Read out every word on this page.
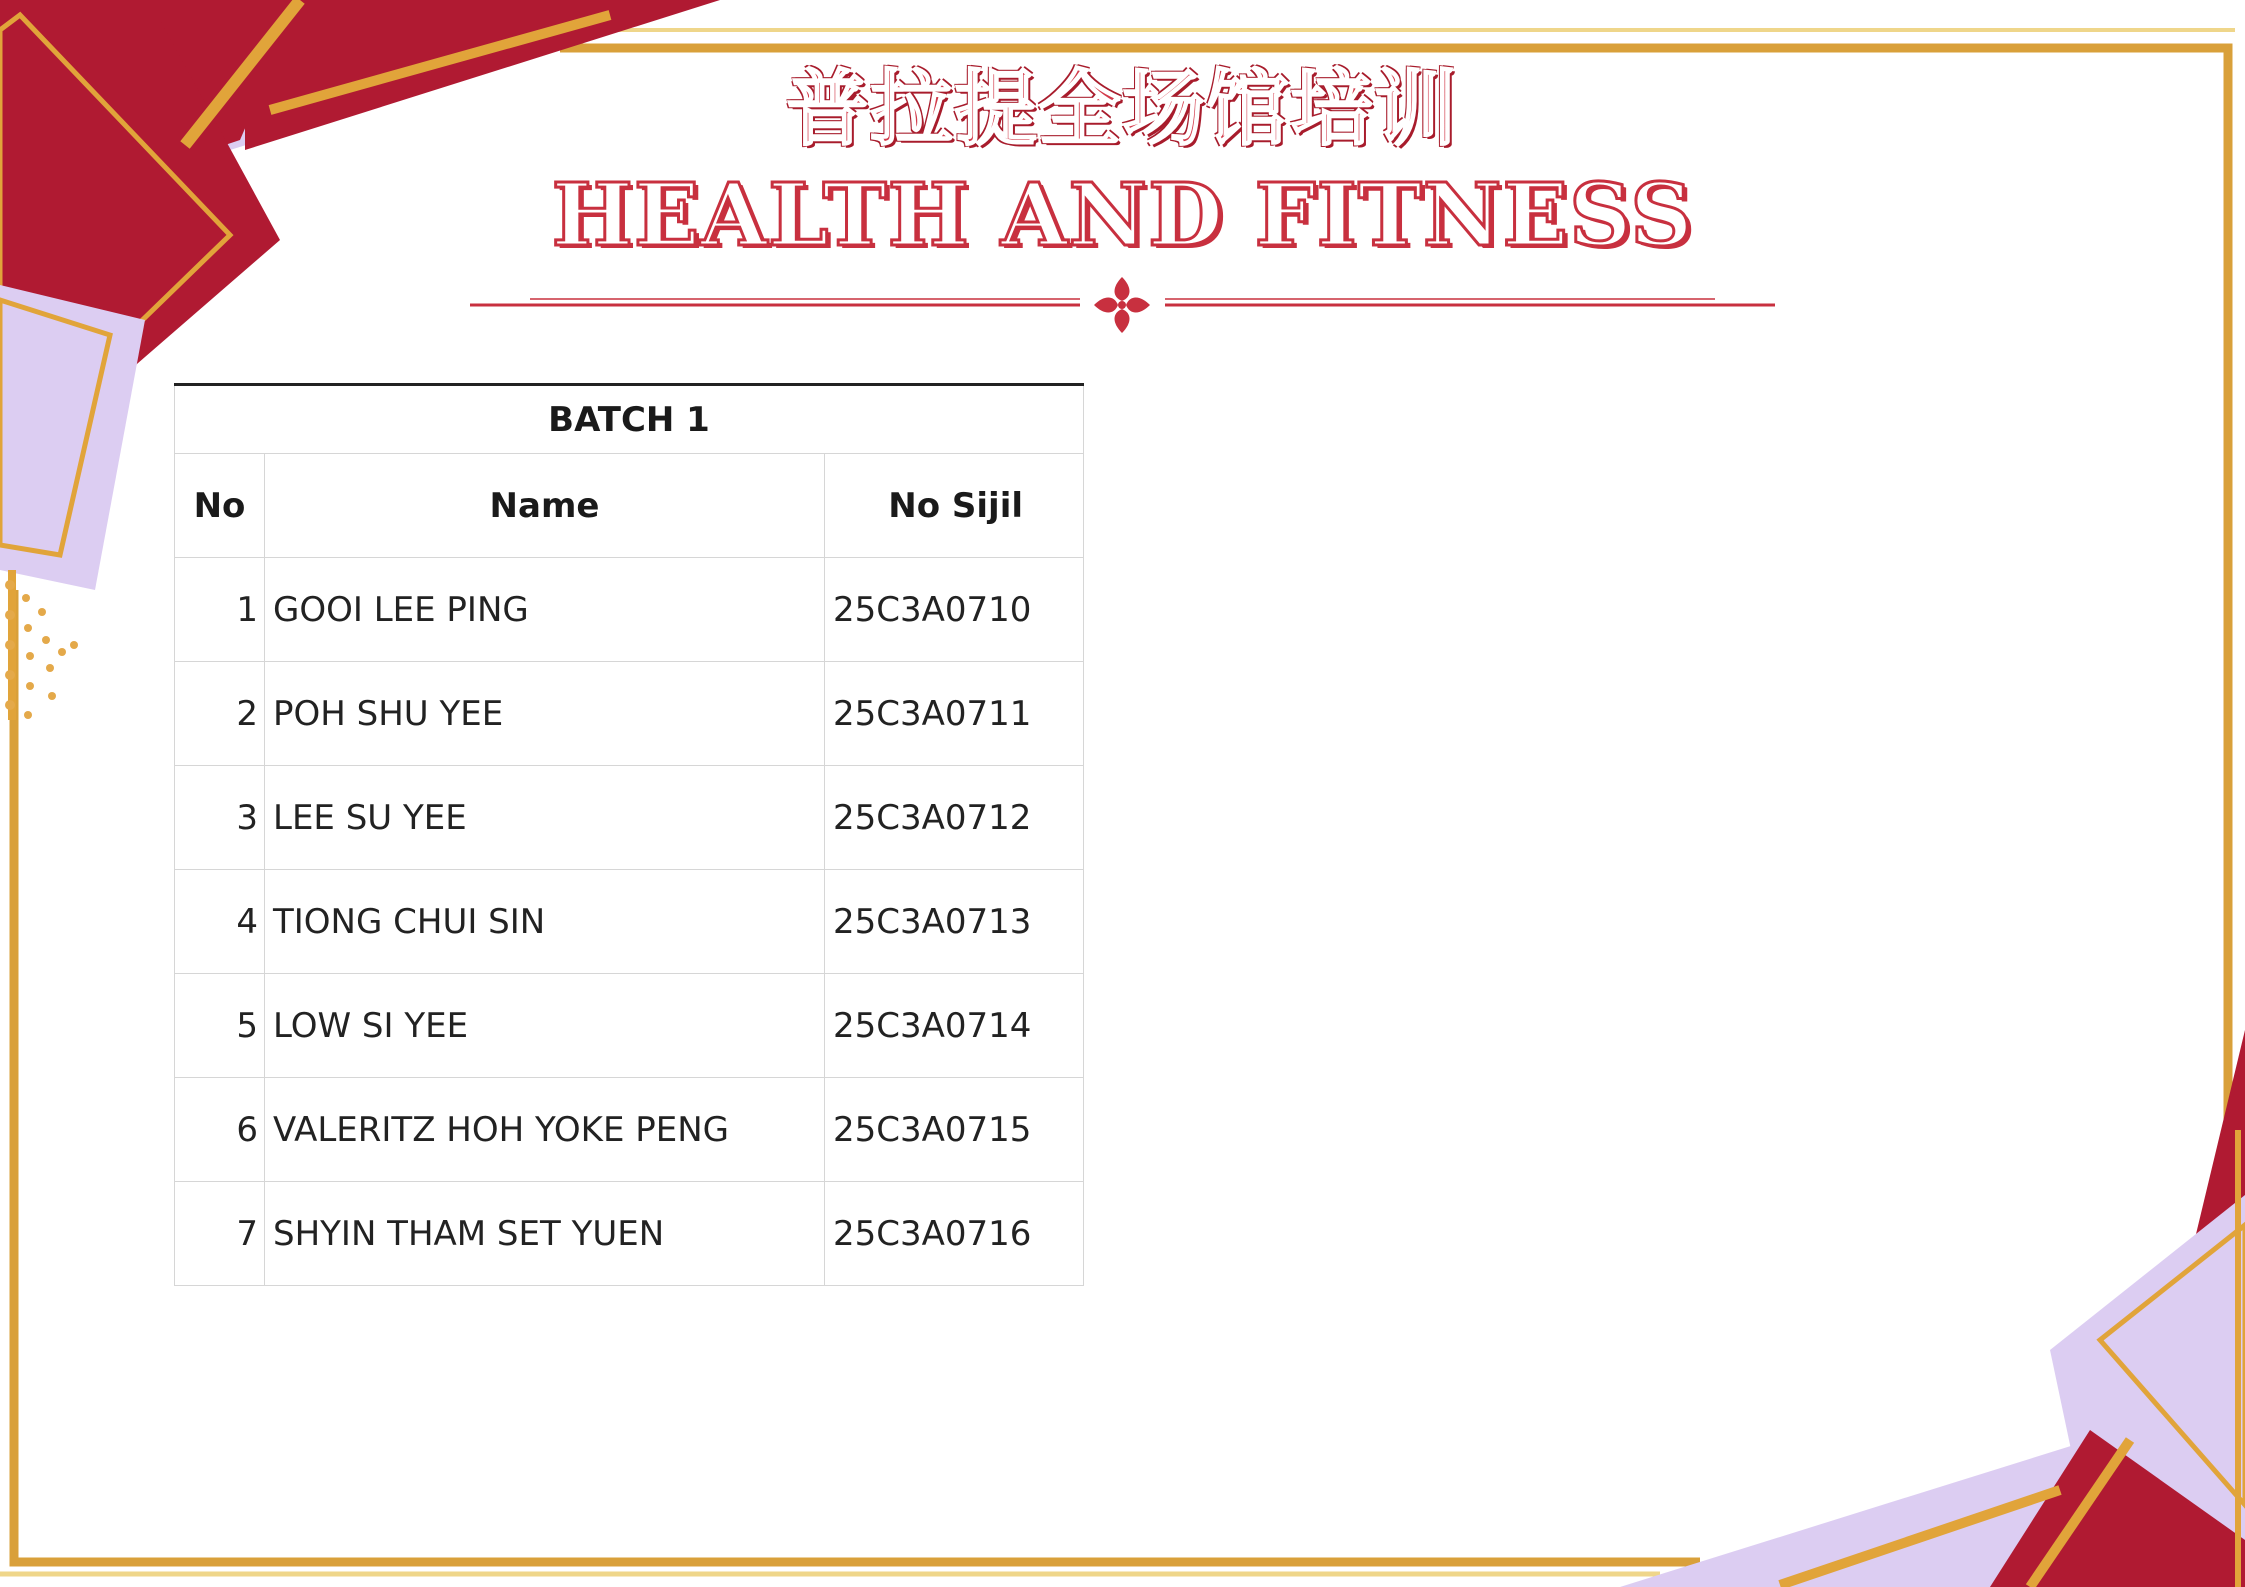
普拉提全场馆培训
HEALTH AND FITNESS
BATCH 1		
No	Name	No Sijil
1	GOOI LEE PING	25C3A0710
2	POH SHU YEE	25C3A0711
3	LEE SU YEE	25C3A0712
4	TIONG CHUI SIN	25C3A0713
5	LOW SI YEE	25C3A0714
6	VALERITZ HOH YOKE PENG	25C3A0715
7	SHYIN THAM SET YUEN	25C3A0716
